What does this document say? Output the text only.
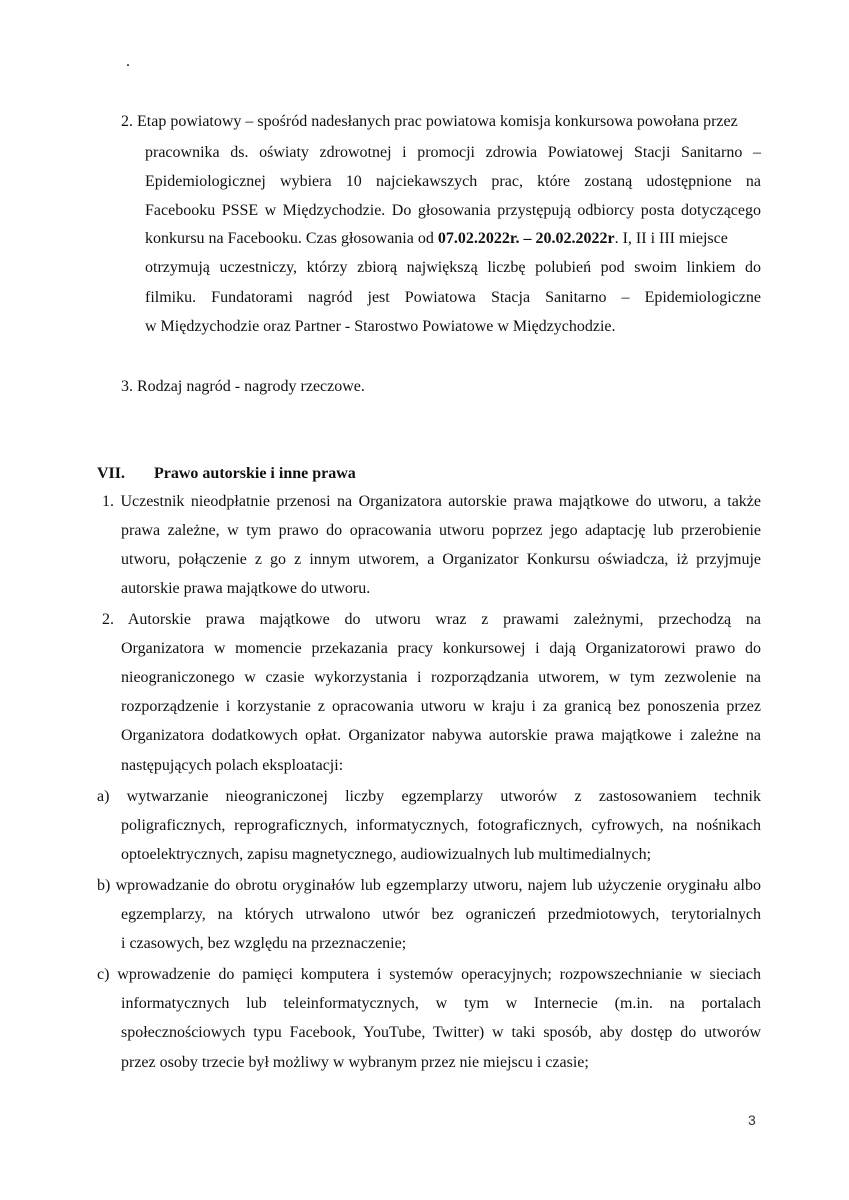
.
2. Etap powiatowy – spośród nadesłanych prac powiatowa komisja konkursowa powołana przez
pracownika ds. oświaty zdrowotnej i promocji zdrowia Powiatowej Stacji Sanitarno –
Epidemiologicznej wybiera 10 najciekawszych prac, które zostaną udostępnione na
Facebooku PSSE w Międzychodzie. Do głosowania przystępują odbiorcy posta dotyczącego
konkursu na Facebooku. Czas głosowania od 07.02.2022r. – 20.02.2022r. I, II i III miejsce
otrzymują uczestniczy, którzy zbiorą największą liczbę polubień pod swoim linkiem do
filmiku. Fundatorami nagród jest Powiatowa Stacja Sanitarno – Epidemiologiczne
w Międzychodzie oraz Partner - Starostwo Powiatowe w Międzychodzie.
3. Rodzaj nagród - nagrody rzeczowe.
VII. Prawo autorskie i inne prawa
1. Uczestnik nieodpłatnie przenosi na Organizatora autorskie prawa majątkowe do utworu, a także
prawa zależne, w tym prawo do opracowania utworu poprzez jego adaptację lub przerobienie
utworu, połączenie z go z innym utworem, a Organizator Konkursu oświadcza, iż przyjmuje
autorskie prawa majątkowe do utworu.
2. Autorskie prawa majątkowe do utworu wraz z prawami zależnymi, przechodzą na
Organizatora w momencie przekazania pracy konkursowej i dają Organizatorowi prawo do
nieograniczonego w czasie wykorzystania i rozporządzania utworem, w tym zezwolenie na
rozporządzenie i korzystanie z opracowania utworu w kraju i za granicą bez ponoszenia przez
Organizatora dodatkowych opłat. Organizator nabywa autorskie prawa majątkowe i zależne na
następujących polach eksploatacji:
a) wytwarzanie nieograniczonej liczby egzemplarzy utworów z zastosowaniem technik
poligraficznych, reprograficznych, informatycznych, fotograficznych, cyfrowych, na nośnikach
optoelektrycznych, zapisu magnetycznego, audiowizualnych lub multimedialnych;
b) wprowadzanie do obrotu oryginałów lub egzemplarzy utworu, najem lub użyczenie oryginału albo
egzemplarzy, na których utrwalono utwór bez ograniczeń przedmiotowych, terytorialnych
i czasowych, bez względu na przeznaczenie;
c) wprowadzenie do pamięci komputera i systemów operacyjnych; rozpowszechnianie w sieciach
informatycznych lub teleinformatycznych, w tym w Internecie (m.in. na portalach
społecznościowych typu Facebook, YouTube, Twitter) w taki sposób, aby dostęp do utworów
przez osoby trzecie był możliwy w wybranym przez nie miejscu i czasie;
3
